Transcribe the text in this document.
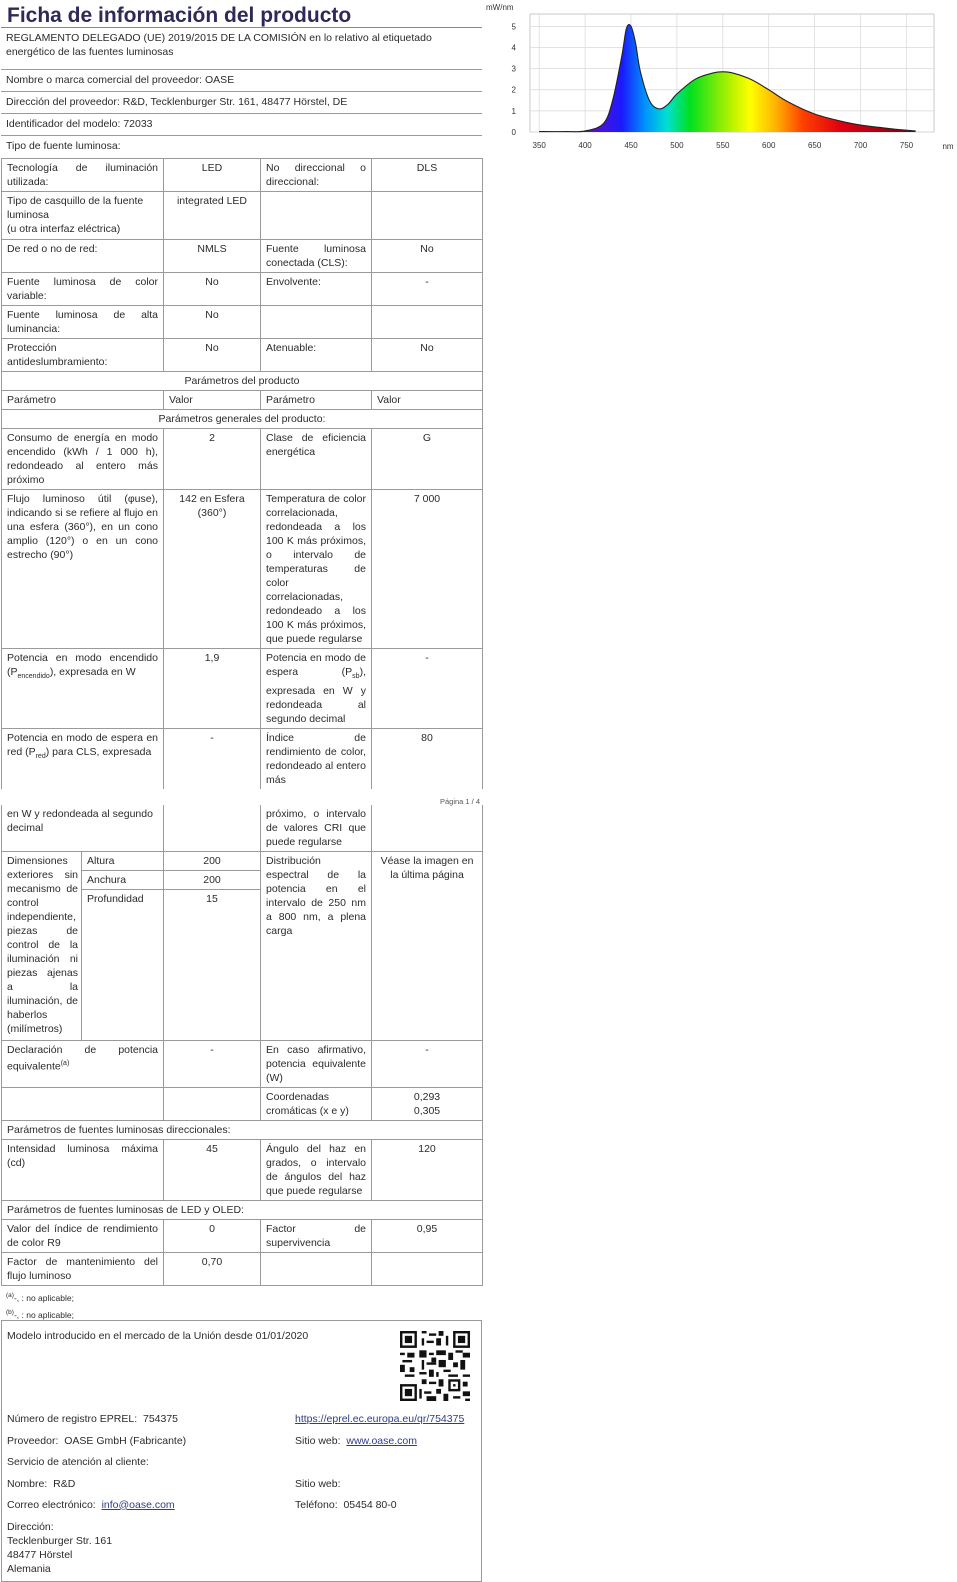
Ficha de información del producto
REGLAMENTO DELEGADO (UE) 2019/2015 DE LA COMISIÓN en lo relativo al etiquetado energético de las fuentes luminosas
Nombre o marca comercial del proveedor: OASE
Dirección del proveedor: R&D, Tecklenburger Str. 161, 48477 Hörstel, DE
Identificador del modelo: 72033
Tipo de fuente luminosa:
Tecnología de iluminación utilizada:	LED	No direccional o direccional:	DLS

Tipo de casquillo de la fuente luminosa
(u otra interfaz eléctrica)	integrated LED		
De red o no de red:	NMLS	Fuente luminosa conectada (CLS):	No
Fuente luminosa de color variable:	No	Envolvente:	-
Fuente luminosa de alta luminancia:	No		
Protección antideslumbramiento:	No	Atenuable:	No
Parámetros del producto			
Parámetro	Valor	Parámetro	Valor
Parámetros generales del producto:			
Consumo de energía en modo encendido (kWh / 1 000 h), redondeado al entero más próximo	2	Clase de eficiencia energética	G
Flujo luminoso útil (φuse), indicando si se refiere al flujo en una esfera (360°), en un cono amplio (120°) o en un cono estrecho (90°)	142 en Esfera (360°)	Temperatura de color correlacionada, redondeada a los 100 K más próximos, o intervalo de temperaturas de color correlacionadas, redondeado a los 100 K más próximos, que puede regularse	7 000
Potencia en modo encendido $(P_{encendido})$, expresada en W	1,9	Potencia en modo de espera $(P_{sb})$, expresada en W y redondeada al segundo decimal	-
Potencia en modo de espera en red $(P_{red})$ para CLS, expresada	-	Índice de rendimiento de color, redondeado al entero más	80
Página 1 / 4
en W y redondeada al segundo decimal			próximo, o intervalo de valores CRI que puede regularse	
Dimensiones exteriores sin mecanismo de control independiente, piezas de control de la iluminación ni piezas ajenas a la iluminación, de haberlos (milímetros)	Altura	200	Distribución espectral de la potencia en el intervalo de 250 nm a 800 nm, a plena carga	Véase la imagen en la última página
	Anchura	200		
	Profundidad	15		

Declaración de potencia equivalente$^{(a)}$		-	En caso afirmativo, potencia equivalente (W)	-
			Coordenadas cromáticas (x e y)	0,293
0,305

Parámetros de fuentes luminosas direccionales:				
Intensidad luminosa máxima (cd)		45	Ángulo del haz en grados, o intervalo de ángulos del haz que puede regularse	120
Parámetros de fuentes luminosas de LED y OLED:				
Valor del índice de rendimiento de color R9		0	Factor de supervivencia	0,95
Factor de mantenimiento del flujo luminoso		0,70		
$^{(a)}$-, : no aplicable;
$^{(b)}$-, : no aplicable;
Modelo introducido en el mercado de la Unión desde 01/01/2020
Número de registro EPREL: 754375	https://eprel.ec.europa.eu/qr/754375
Proveedor: OASE GmbH (Fabricante)	Sitio web: www.oase.com
Servicio de atención al cliente:
Nombre: R&D	Sitio web:
Correo electrónico: info@oase.com	Teléfono: 05454 80-0
Dirección:
Tecklenburger Str. 161
48477 Hörstel
Alemania
0
1
2
3
4
5
350	400	450	500	550	600	650	700	750
mW/nm
nm
